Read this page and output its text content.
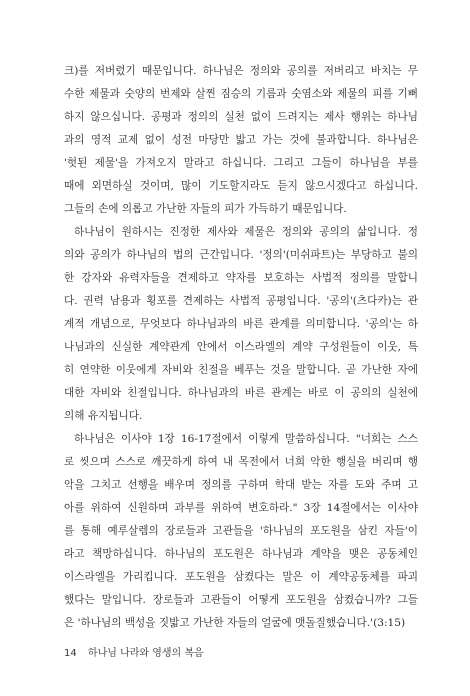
크)를 저버렸기 때문입니다. 하나님은 정의와 공의를 저버리고 바치는 무
수한 제물과 숫양의 번제와 살찐 짐승의 기름과 숫염소와 제물의 피를 기뻐
하지 않으십니다. 공평과 정의의 실천 없이 드려지는 제사 행위는 하나님
과의 영적 교제 없이 성전 마당만 밟고 가는 것에 불과합니다. 하나님은
'헛된 제물'을 가져오지 말라고 하십니다. 그리고 그들이 하나님을 부를
때에 외면하실 것이며, 많이 기도할지라도 듣지 않으시겠다고 하십니다.
그들의 손에 의롭고 가난한 자들의 피가 가득하기 때문입니다.
하나님이 원하시는 진정한 제사와 제물은 정의와 공의의 삶입니다. 정
의와 공의가 하나님의 법의 근간입니다. '정의'(미쉬파트)는 부당하고 불의
한 강자와 유력자들을 견제하고 약자를 보호하는 사법적 정의를 말합니
다. 권력 남용과 횡포를 견제하는 사법적 공평입니다. '공의'(츠다카)는 관
계적 개념으로, 무엇보다 하나님과의 바른 관계를 의미합니다. '공의'는 하
나님과의 신실한 계약관계 안에서 이스라엘의 계약 구성원들이 이웃, 특
히 연약한 이웃에게 자비와 친절을 베푸는 것을 말합니다. 곧 가난한 자에
대한 자비와 친절입니다. 하나님과의 바른 관계는 바로 이 공의의 실천에
의해 유지됩니다.
하나님은 이사야 1장 16-17절에서 이렇게 말씀하십니다. "너희는 스스
로 씻으며 스스로 깨끗하게 하여 내 목전에서 너희 악한 행실을 버리며 행
악을 그치고 선행을 배우며 정의를 구하며 학대 받는 자를 도와 주며 고
아를 위하여 신원하며 과부를 위하여 변호하라." 3장 14절에서는 이사야
를 통해 예루살렘의 장로들과 고관들을 '하나님의 포도원을 삼킨 자들'이
라고 책망하십니다. 하나님의 포도원은 하나님과 계약을 맺은 공동체인
이스라엘을 가리킵니다. 포도원을 삼켰다는 말은 이 계약공동체를 파괴
했다는 말입니다. 장로들과 고관들이 어떻게 포도원을 삼켰습니까? 그들
은 '하나님의 백성을 짓밟고 가난한 자들의 얼굴에 맷돌질했습니다.'(3:15)
14 하나님 나라와 영생의 복음
